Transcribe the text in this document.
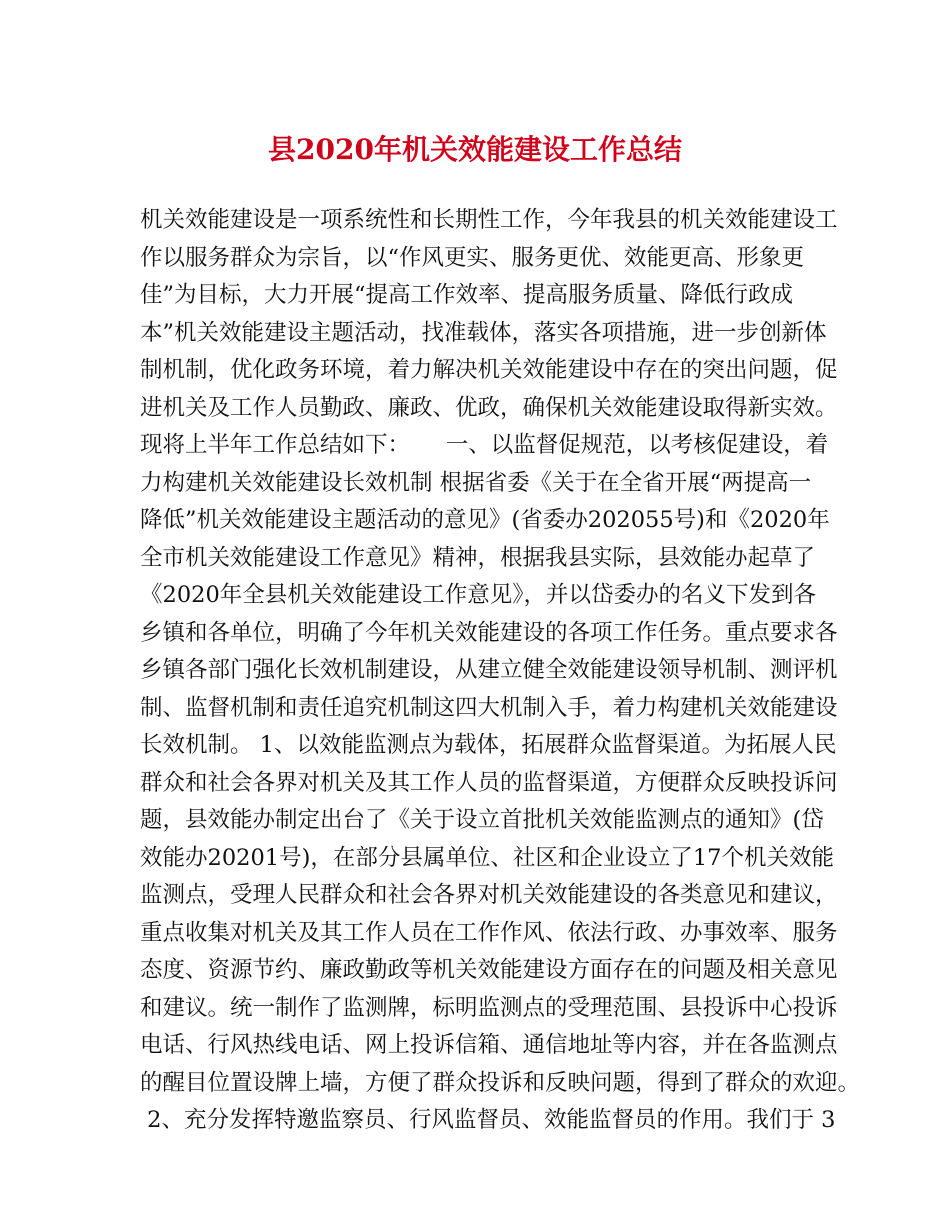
县2020年机关效能建设工作总结
机关效能建设是一项系统性和长期性工作，今年我县的机关效能建设工
作以服务群众为宗旨，以“作风更实、服务更优、效能更高、形象更
佳”为目标，大力开展“提高工作效率、提高服务质量、降低行政成
本”机关效能建设主题活动，找准载体，落实各项措施，进一步创新体
制机制，优化政务环境，着力解决机关效能建设中存在的突出问题，促
进机关及工作人员勤政、廉政、优政，确保机关效能建设取得新实效。
现将上半年工作总结如下：     一、以监督促规范，以考核促建设，着
力构建机关效能建设长效机制 根据省委《关于在全省开展“两提高一
降低”机关效能建设主题活动的意见》(省委办202055号)和《2020年
全市机关效能建设工作意见》精神，根据我县实际，县效能办起草了
《2020年全县机关效能建设工作意见》，并以岱委办的名义下发到各
乡镇和各单位，明确了今年机关效能建设的各项工作任务。重点要求各
乡镇各部门强化长效机制建设，从建立健全效能建设领导机制、测评机
制、监督机制和责任追究机制这四大机制入手，着力构建机关效能建设
长效机制。 1、以效能监测点为载体，拓展群众监督渠道。为拓展人民
群众和社会各界对机关及其工作人员的监督渠道，方便群众反映投诉问
题，县效能办制定出台了《关于设立首批机关效能监测点的通知》(岱
效能办20201号)，在部分县属单位、社区和企业设立了17个机关效能
监测点，受理人民群众和社会各界对机关效能建设的各类意见和建议，
重点收集对机关及其工作人员在工作作风、依法行政、办事效率、服务
态度、资源节约、廉政勤政等机关效能建设方面存在的问题及相关意见
和建议。统一制作了监测牌，标明监测点的受理范围、县投诉中心投诉
电话、行风热线电话、网上投诉信箱、通信地址等内容，并在各监测点
的醒目位置设牌上墙，方便了群众投诉和反映问题，得到了群众的欢迎。
2、充分发挥特邀监察员、行风监督员、效能监督员的作用。我们于 3
